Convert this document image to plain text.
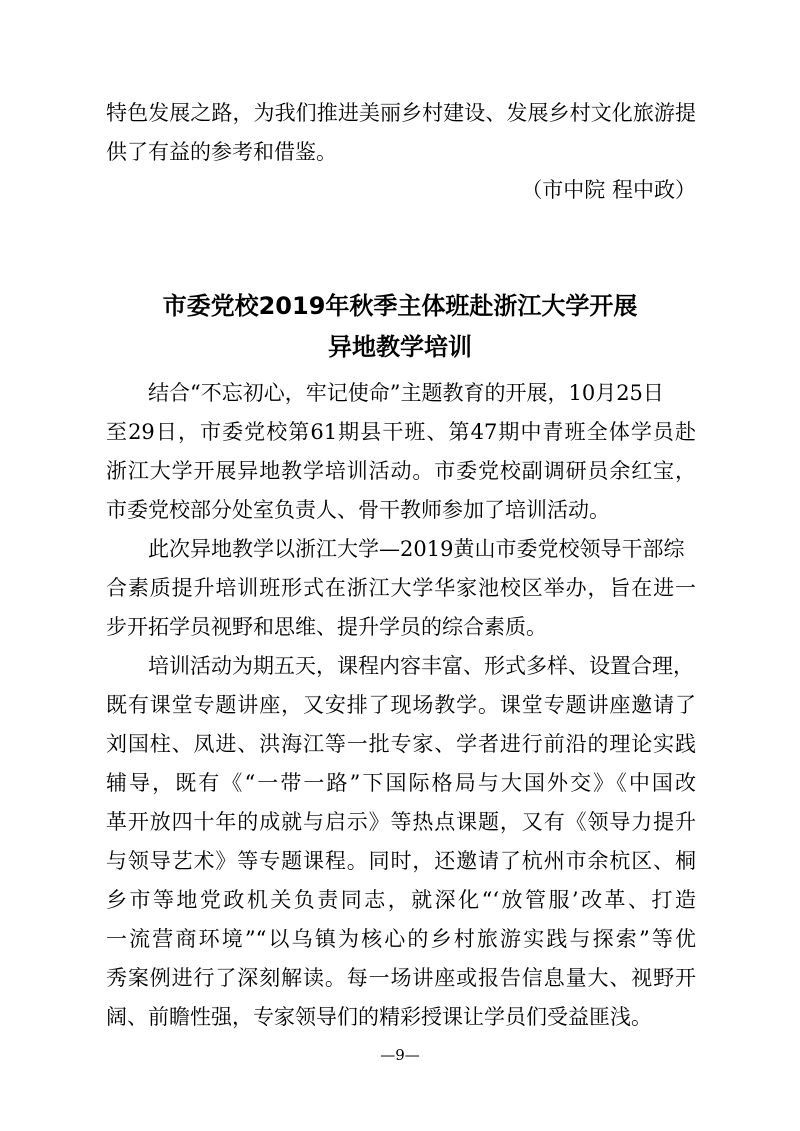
特色发展之路，为我们推进美丽乡村建设、发展乡村文化旅游提
供了有益的参考和借鉴。
（市中院 程中政）
市委党校2019年秋季主体班赴浙江大学开展
异地教学培训
结合“不忘初心，牢记使命”主题教育的开展，10月25日
至29日，市委党校第61期县干班、第47期中青班全体学员赴
浙江大学开展异地教学培训活动。市委党校副调研员余红宝，
市委党校部分处室负责人、骨干教师参加了培训活动。
此次异地教学以浙江大学—2019黄山市委党校领导干部综
合素质提升培训班形式在浙江大学华家池校区举办，旨在进一
步开拓学员视野和思维、提升学员的综合素质。
培训活动为期五天，课程内容丰富、形式多样、设置合理，
既有课堂专题讲座，又安排了现场教学。课堂专题讲座邀请了
刘国柱、凤进、洪海江等一批专家、学者进行前沿的理论实践
辅导，既有《“一带一路”下国际格局与大国外交》《中国改
革开放四十年的成就与启示》等热点课题，又有《领导力提升
与领导艺术》等专题课程。同时，还邀请了杭州市余杭区、桐
乡市等地党政机关负责同志，就深化“‘放管服’改革、打造
一流营商环境”“以乌镇为核心的乡村旅游实践与探索”等优
秀案例进行了深刻解读。每一场讲座或报告信息量大、视野开
阔、前瞻性强，专家领导们的精彩授课让学员们受益匪浅。
—9—
